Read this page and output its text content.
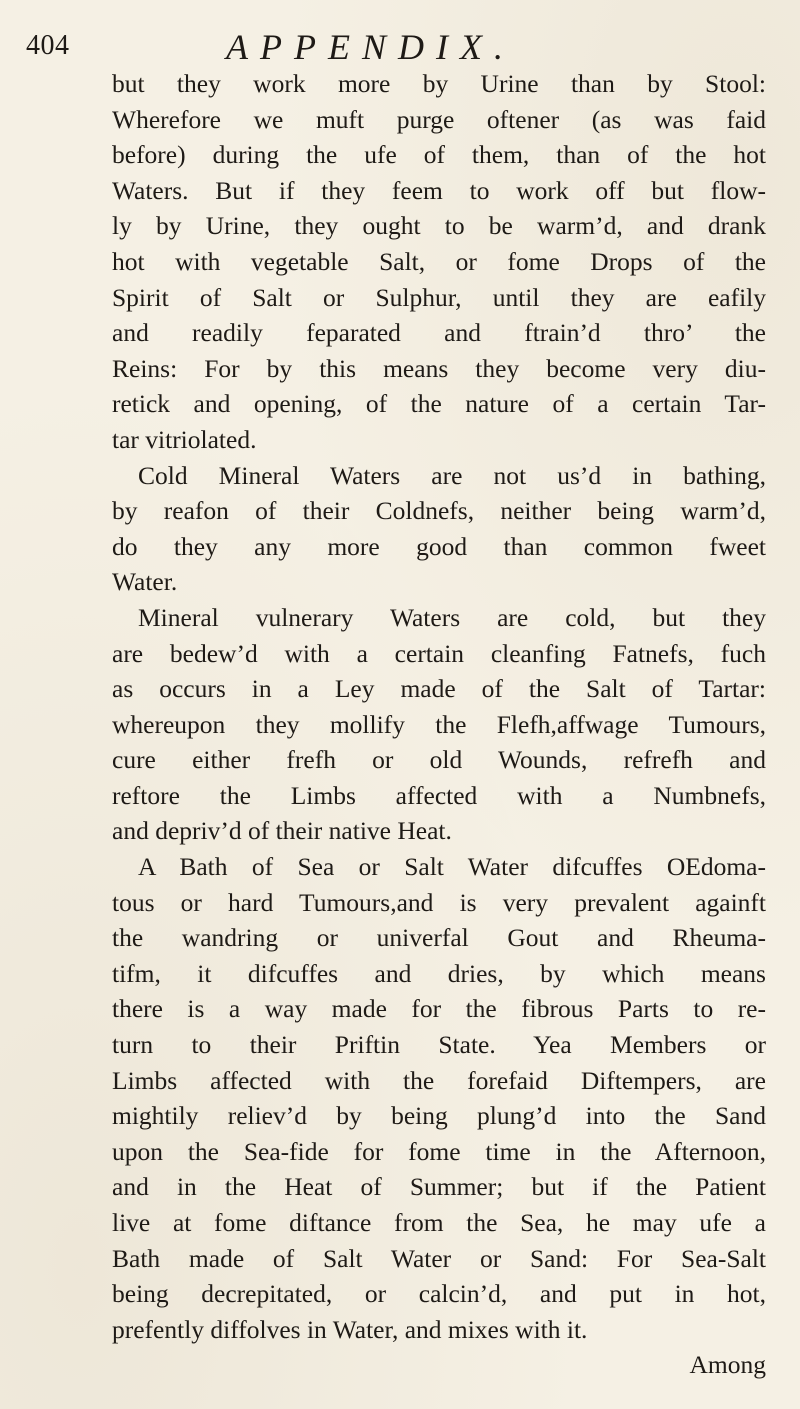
404	APPENDIX.
but they work more by Urine than by Stool:
Wherefore we muft purge oftener (as was faid
before) during the ufe of them, than of the hot
Waters. But if they feem to work off but flow-
ly by Urine, they ought to be warm’d, and drank
hot with vegetable Salt, or fome Drops of the
Spirit of Salt or Sulphur, until they are eafily
and readily feparated and ftrain’d thro’ the
Reins: For by this means they become very diu-
retick and opening, of the nature of a certain Tar-
tar vitriolated.
Cold Mineral Waters are not us’d in bathing,
by reafon of their Coldnefs, neither being warm’d,
do they any more good than common fweet
Water.
Mineral vulnerary Waters are cold, but they
are bedew’d with a certain cleanfing Fatnefs, fuch
as occurs in a Ley made of the Salt of Tartar:
whereupon they mollify the Flefh,affwage Tumours,
cure either frefh or old Wounds, refrefh and
reftore the Limbs affected with a Numbnefs,
and depriv’d of their native Heat.
A Bath of Sea or Salt Water difcuffes OEdoma-
tous or hard Tumours,and is very prevalent againft
the wandring or univerfal Gout and Rheuma-
tifm, it difcuffes and dries, by which means
there is a way made for the fibrous Parts to re-
turn to their Priftin State. Yea Members or
Limbs affected with the forefaid Diftempers, are
mightily reliev’d by being plung’d into the Sand
upon the Sea-fide for fome time in the Afternoon,
and in the Heat of Summer; but if the Patient
live at fome diftance from the Sea, he may ufe a
Bath made of Salt Water or Sand: For Sea-Salt
being decrepitated, or calcin’d, and put in hot,
prefently diffolves in Water, and mixes with it.
Among
